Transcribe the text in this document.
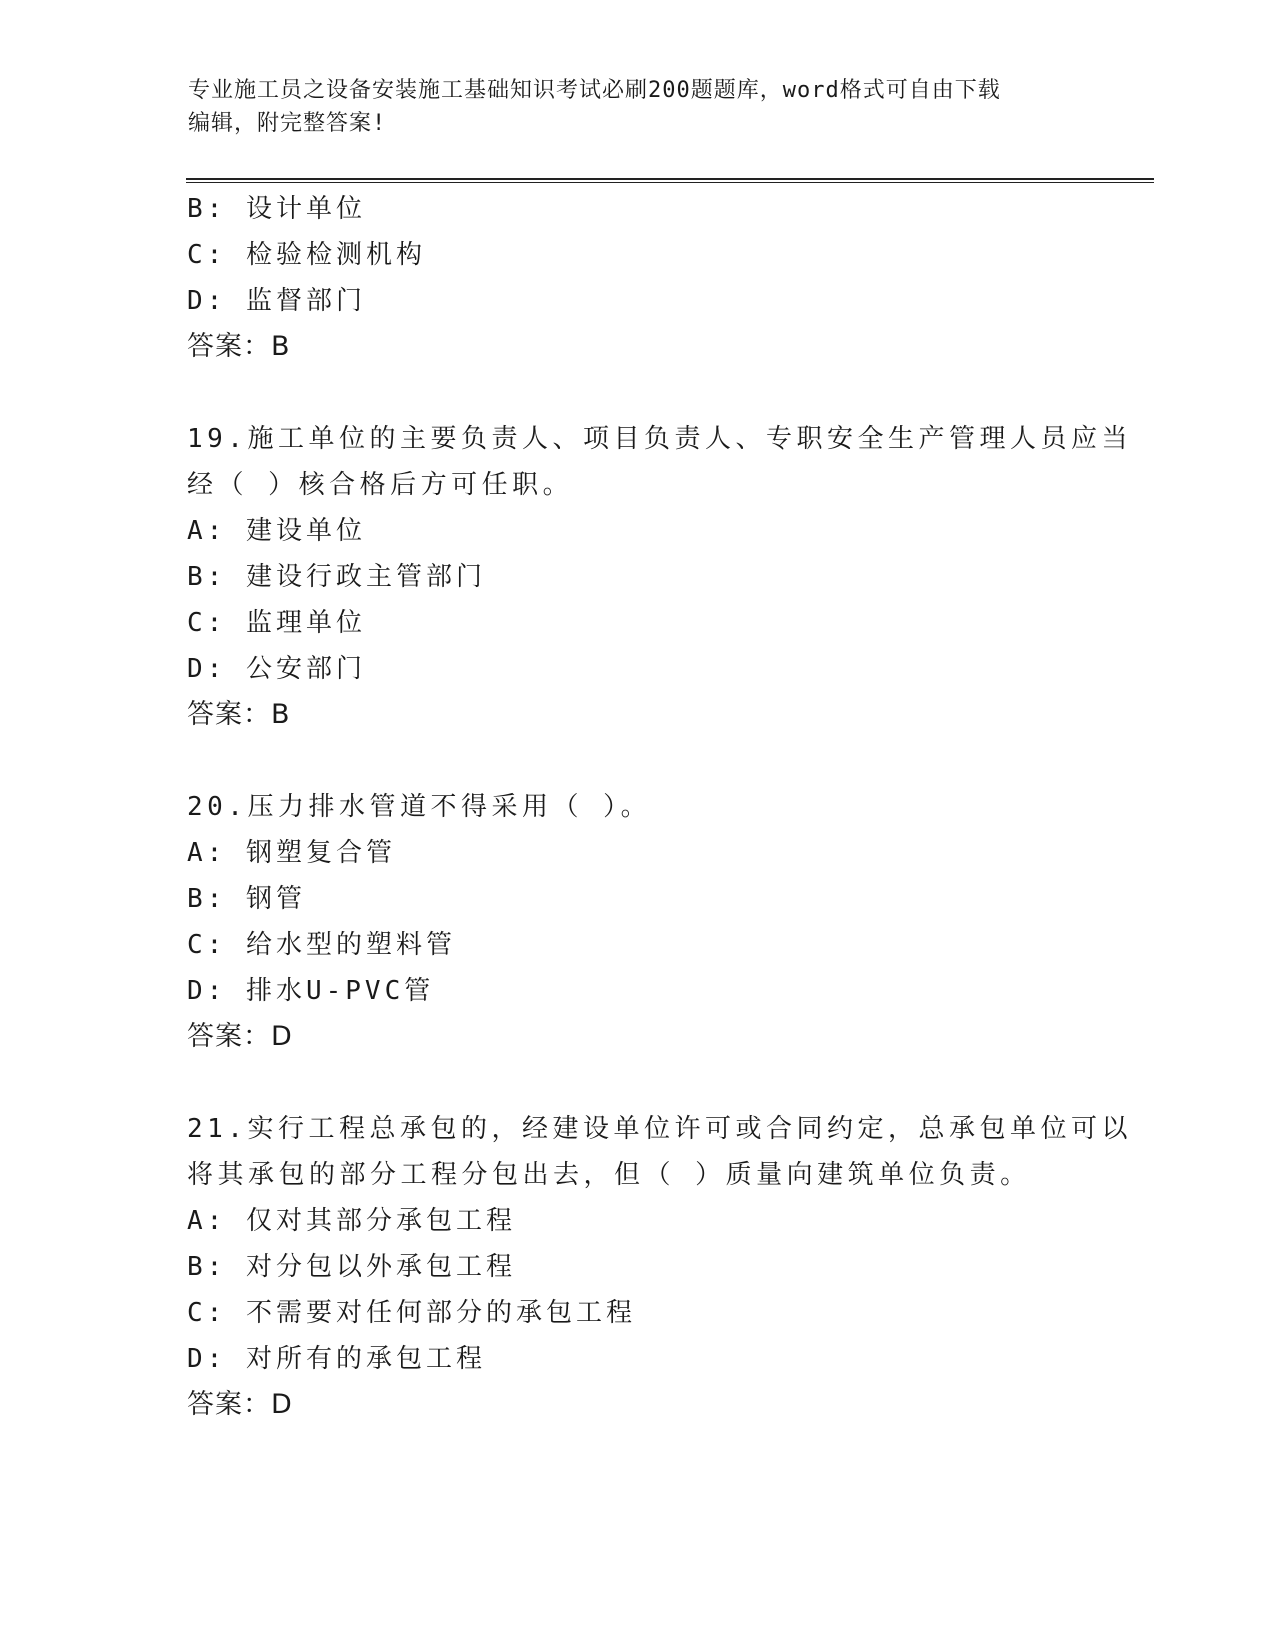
专业施工员之设备安装施工基础知识考试必刷200题题库，word格式可自由下载
编辑，附完整答案!
B: 设计单位
C: 检验检测机构
D: 监督部门
答案：B
19.施工单位的主要负责人、项目负责人、专职安全生产管理人员应当
经（ ）核合格后方可任职。
A: 建设单位
B: 建设行政主管部门
C: 监理单位
D: 公安部门
答案：B
20.压力排水管道不得采用（ ）。
A: 钢塑复合管
B: 钢管
C: 给水型的塑料管
D: 排水U-PVC管
答案：D
21.实行工程总承包的，经建设单位许可或合同约定，总承包单位可以
将其承包的部分工程分包出去，但（ ）质量向建筑单位负责。
A: 仅对其部分承包工程
B: 对分包以外承包工程
C: 不需要对任何部分的承包工程
D: 对所有的承包工程
答案：D
